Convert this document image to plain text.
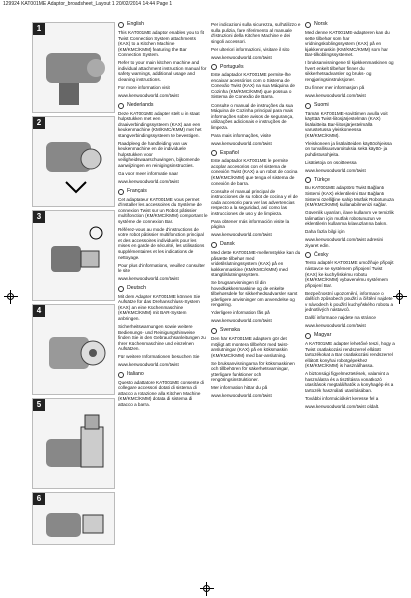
129924 KAT001ME Adaptor_broadsheet_Layout 1 20/02/2014 14:44 Page 1
1
2
3
4
5
6
English

This KAT001ME adaptor enables you to fit Twist Connection System attachments (KAX) to a Kitchen Machine (KM/KMC/KMM) featuring the Bar Connection System.

Refer to your main kitchen machine and individual attachment instruction manual for safety warnings, additional usage and cleaning instructions.

For more information visit

www.kenwoodworld.com/twist

Nederlands

Deze KAT001ME adapter stelt u in staat hulpstukken met een draaiverbindingssysteem (KAX) aan een keukenmachine (KM/KMC/KMM) met het stangverbindingssysteem te bevestigen.

Raadpleeg de handleiding van uw keukenmachine en de individuele hulpstukken voor veiligheidswaarschuwingen, bijkomende aanwijzingen en reinigingsinstructies.

Ga voor meer informatie naar

www.kenwoodworld.com/twist

Français

Cet adaptateur KAT001ME vous permet d'installer les accessoires du Système de connexion Twist sur un Robot pâtissier multifonction (KM/KMC/KMM) comportant le système de connexion Bar.

Référez-vous au mode d'instructions de votre robot pâtissier multifonction principal et des accessoires individuels pour les mises en garde de sécurité, les utilisations supplémentaires et les indications de nettoyage.

Pour plus d'informations, veuillez consulter le site

www.kenwoodworld.com/twist

Deutsch

Mit dem Adapter KAT001ME können Sie Aufsätze für das Drehanschluss-System (KAX) an eine Küchenmaschine (KM/KMC/KMM) mit BAR-System anbringen.

Sicherheitswarnungen sowie weitere Bedienungs- und Reinigungshinweise finden Sie in den Gebrauchsanleitungen zu Ihrer Küchenmaschine und einzelnen Aufsätzen.

Für weitere Informationen besuchen Sie

www.kenwoodworld.com/twist

Italiano

Questo adattatore KAT001ME consente di collegare accessori dotati di sistema di attacco a rotazione alla Kitchen Machine (KM/KMC/KMM) dotata di sistema di attacco a barra.

Per indicazioni sulla sicurezza, sull'utilizzo e sulla pulizia, fare riferimento al manuale d'istruzioni della Kitchen Machine e dei singoli accessori.

Per ulteriori informazioni, visitare il sito

www.kenwoodworld.com/twist

Português

Este adaptador KAT001ME permite-lhe encaixar acessórios com o Sistema de Conexão Twist (KAX) na sua Máquina de Cozinha (KM/KMC/KMM) que possua o Sistema de Conexão de Barra.

Consulte o manual de instruções da sua Máquina de Cozinha principal para mais informações sobre avisos de segurança, utilizações adicionais e instruções de limpeza.

Para mais informações, visite

www.kenwoodworld.com/twist

Español

Este adaptador KAT001ME le permite acoplar accesorios con el sistema de conexión Twist (KAX) a un robot de cocina (KM/KMC/KMM) que tenga el sistema de conexión de barra.

Consulte el manual principal de instrucciones de su robot de cocina y el de cada accesorio para ver las advertencias respecto a la seguridad, así como las instrucciones de uso y de limpieza.

Para obtener más información visite la página

www.kenwoodworld.com/twist

Dansk

Med dette KAT001ME-mellemstykke kan du påsætte tilbehør med vridetilslutningssystem (KAX) på en køkkenmaskine (KM/KMC/KMM) med stangtilslutningssystem.

Se brugsanvisningen til din hovedkøkkenmaskine og de enkelte tilbehørsdele for sikkerhedsadvarsler samt yderligere anvisninger om anvendelse og rengøring.

Yderligere information fås på

www.kenwoodworld.com/twist

Svenska

Den här KAT001ME adaptern gör det möjligt att montera tillbehör med twist-anslutningar (KAX) på en köksmaskin (KM/KMC/KMM) med bar-anslutning.

Se bruksanvisningarna för köksmaskinen och tillbehören för säkerhetsvarningar, ytterligare funktioner och rengöringsinstruktioner.

Mer information hittar du på

www.kenwoodworld.com/twist

Norsk

Med denne KAT001ME-adapteren kan du sette tilbehør som har vridningskoblingssystem (KAX) på en kjøkkenmaskin (KM/KMC/KMM) som har Bar-tilkoblingssystemet.

I bruksanvisningene til kjøkkenmaskinen og hvert enkelt tilbehør finner du sikkerhetsadvarsler og bruks- og rengjøringsinstruksjoner.

Du finner mer informasjon på

www.kenwoodworld.com/twist

Suomi

Tämän KAT001ME-sovittimen avulla voit käyttää Twist-liitosjärjestelmän (KAX) lisälaitteita Bar-liitosjärjestelmällä varustetussa yleiskoneessa (KM/KMC/KMM).

Yleiskoneen ja lisälaitteiden käyttöohjeissa on turvallisuusvaroituksia sekä käyttö- ja puhdistusohjeita.

Lisätietoja on osoitteessa

www.kenwoodworld.com/twist

Türkçe

Bu KAT001ME adaptörü Twist Bağlantı Sistemi (KAX) eklentilerini Bar Bağlantı Sistemi özelliğine sahip Mutfak Robotunuza (KM/KMC/KMM) kullanabilmenizi sağlar.

Güvenlik uyarıları, ilave kullanım ve temizlik talimatları için mutfak robotunuzun ve eklentilerin kullanma kılavuzlarına bakın.

Daha fazla bilgi için

www.kenwoodworld.com/twist adresini ziyaret edin.

Česky

Tento adaptér KAT001ME umožňuje připojit nástavce se systémem připojení Twist (KAX) ke kuchyňskému robotu (KM/KMC/KMM) vybavenému systémem připojení Bar.

Bezpečnostní upozornění, informace o dalších způsobech použití a čištění najdete v návodech k použití kuchyňského robotu a jednotlivých nástavců.

Další informace najdete na stránce

www.kenwoodworld.com/twist

Magyar

A KAT001ME adapter lehetővé teszi, hogy a Twist csatlakozási rendszerrel ellátott tartozékokat a Bar csatlakozási rendszerrel ellátott konyhai robotgépekhez (KM/KMC/KMM) is használhassa.

A biztonsági figyelmeztetések, valamint a használatra és a tisztításra vonatkozó utasítások megtalálhatók a konyhagép és a tartozék használati utasításában.

További információkért keresse fel a

www.kenwoodworld.com/twist oldalt.
